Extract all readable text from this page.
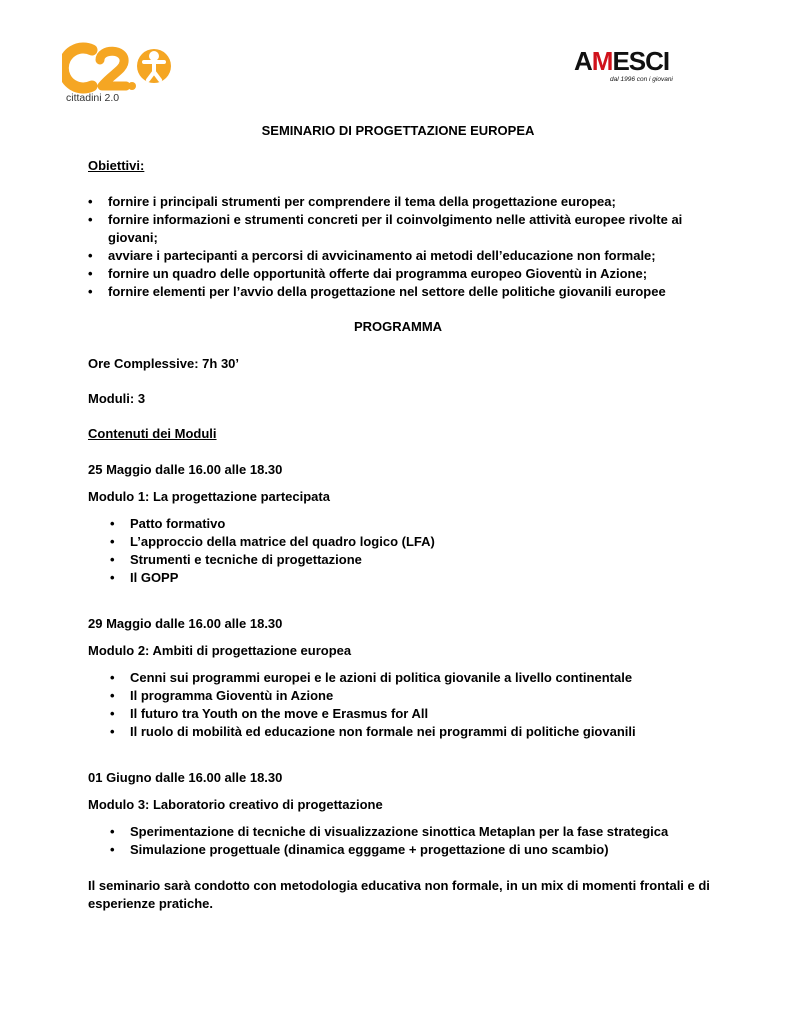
cittadini 2.0
AMESCI
dal 1996 con i giovani
SEMINARIO DI PROGETTAZIONE EUROPEA
Obiettivi:
• fornire i principali strumenti per comprendere il tema della progettazione europea;
• fornire informazioni e strumenti concreti per il coinvolgimento nelle attività europee rivolte ai
giovani;
• avviare i partecipanti a percorsi di avvicinamento ai metodi dell’educazione non formale;
• fornire un quadro delle opportunità offerte dai programma europeo Gioventù in Azione;
• fornire elementi per l’avvio della progettazione nel settore delle politiche giovanili europee
PROGRAMMA
Ore Complessive: 7h 30’
Moduli: 3
Contenuti dei Moduli
25 Maggio dalle 16.00 alle 18.30
Modulo 1: La progettazione partecipata
• Patto formativo
• L’approccio della matrice del quadro logico (LFA)
• Strumenti e tecniche di progettazione
• Il GOPP
29 Maggio dalle 16.00 alle 18.30
Modulo 2: Ambiti di progettazione europea
• Cenni sui programmi europei e le azioni di politica giovanile a livello continentale
• Il programma Gioventù in Azione
• Il futuro tra Youth on the move e Erasmus for All
• Il ruolo di mobilità ed educazione non formale nei programmi di politiche giovanili
01 Giugno dalle 16.00 alle 18.30
Modulo 3: Laboratorio creativo di progettazione
• Sperimentazione di tecniche di visualizzazione sinottica Metaplan per la fase strategica
• Simulazione progettuale (dinamica egggame + progettazione di uno scambio)
Il seminario sarà condotto con metodologia educativa non formale, in un mix di momenti frontali e di
esperienze pratiche.
